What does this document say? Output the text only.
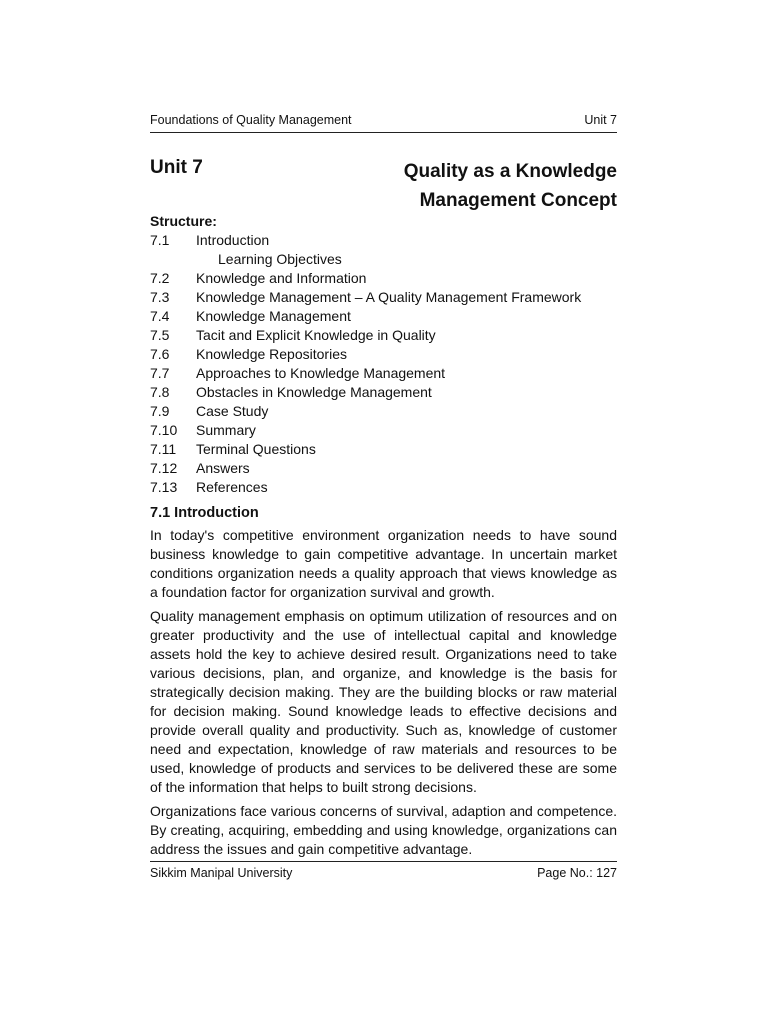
Foundations of Quality Management	Unit 7
Unit 7	Quality as a Knowledge
Management Concept
Structure:
7.1	Introduction
Learning Objectives
7.2	Knowledge and Information
7.3	Knowledge Management – A Quality Management Framework
7.4	Knowledge Management
7.5	Tacit and Explicit Knowledge in Quality
7.6	Knowledge Repositories
7.7	Approaches to Knowledge Management
7.8	Obstacles in Knowledge Management
7.9	Case Study
7.10	Summary
7.11	Terminal Questions
7.12	Answers
7.13	References
7.1 Introduction

In today's competitive environment organization needs to have sound business knowledge to gain competitive advantage. In uncertain market conditions organization needs a quality approach that views knowledge as a foundation factor for organization survival and growth.

Quality management emphasis on optimum utilization of resources and on greater productivity and the use of intellectual capital and knowledge assets hold the key to achieve desired result. Organizations need to take various decisions, plan, and organize, and knowledge is the basis for strategically decision making. They are the building blocks or raw material for decision making. Sound knowledge leads to effective decisions and provide overall quality and productivity. Such as, knowledge of customer need and expectation, knowledge of raw materials and resources to be used, knowledge of products and services to be delivered these are some of the information that helps to built strong decisions.

Organizations face various concerns of survival, adaption and competence. By creating, acquiring, embedding and using knowledge, organizations can address the issues and gain competitive advantage.

Sikkim Manipal University	Page No.: 127
